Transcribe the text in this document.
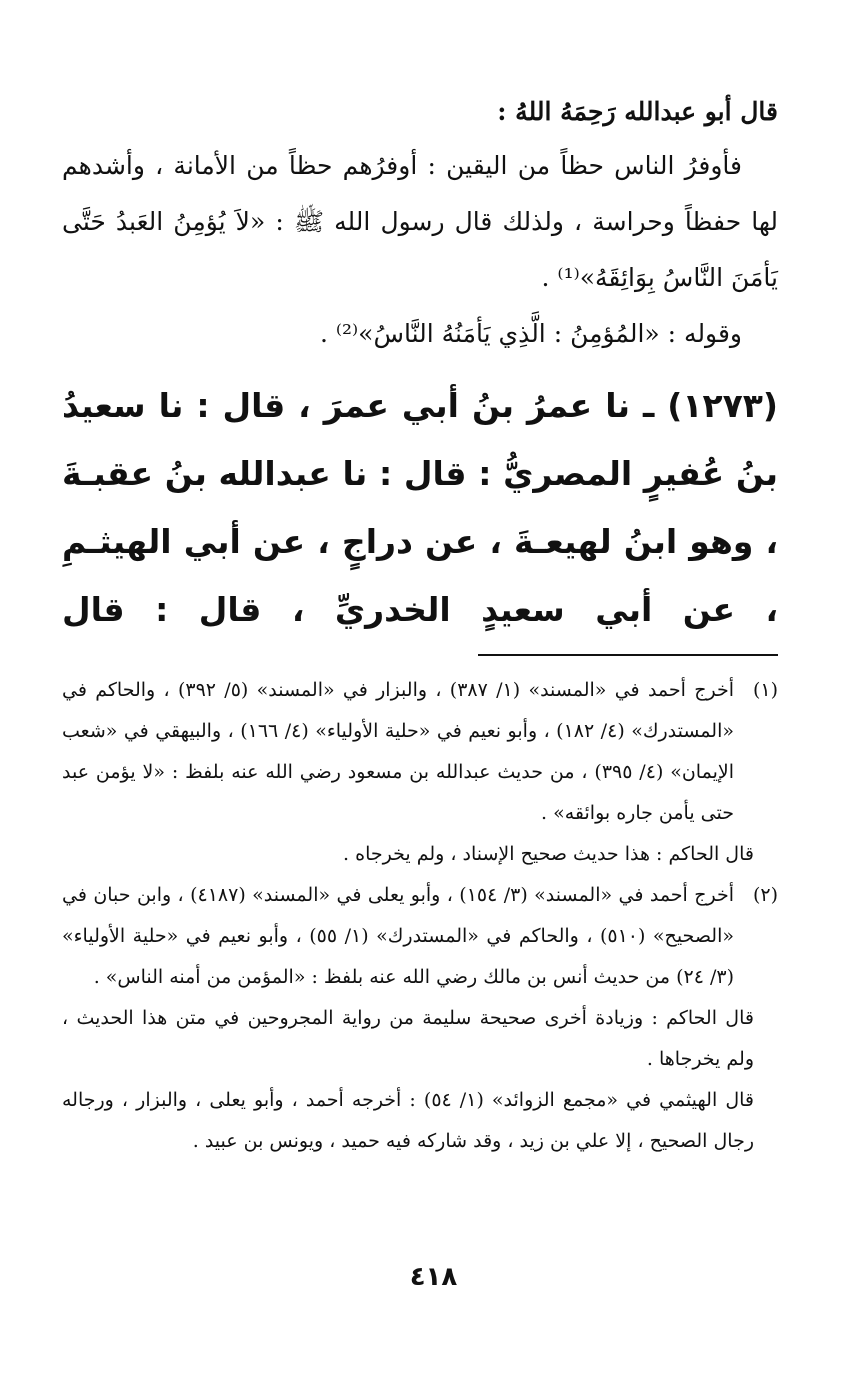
قال أبو عبدالله رَحِمَهُ اللهُ :

فأوفرُ الناس حظاً من اليقين : أوفرُهم حظاً من الأمانة ، وأشدهم لها حفظاً وحراسة ، ولذلك قال رسول الله ﷺ : «لاَ يُؤمِنُ العَبدُ حَتَّى يَأمَنَ النَّاسُ بِوَائِقَهُ»⁽¹⁾ .

وقوله : «المُؤمِنُ : الَّذِي يَأمَنُهُ النَّاسُ»⁽²⁾ .

(١٢٧٣) ـ نا عمرُ بنُ أبي عمرَ ، قال : نا سعيدُ بنُ عُفيرٍ المصريُّ : قال : نا عبدالله بنُ عقبـةَ ، وهو ابنُ لهيعـةَ ، عن دراجٍ ، عن أبي الهيثـمِ ، عن أبي سعيدٍ الخدريِّ ، قال : قال

(١)
أخرج أحمد في «المسند» (١/ ٣٨٧) ، والبزار في «المسند» (٥/ ٣٩٢) ، والحاكم في «المستدرك» (٤/ ١٨٢) ، وأبو نعيم في «حلية الأولياء» (٤/ ١٦٦) ، والبيهقي في «شعب الإيمان» (٤/ ٣٩٥) ، من حديث عبدالله بن مسعود رضي الله عنه بلفظ : «لا يؤمن عبد حتى يأمن جاره بوائقه» .

قال الحاكم : هذا حديث صحيح الإسناد ، ولم يخرجاه .

(٢)
أخرج أحمد في «المسند» (٣/ ١٥٤) ، وأبو يعلى في «المسند» (٤١٨٧) ، وابن حبان في «الصحيح» (٥١٠) ، والحاكم في «المستدرك» (١/ ٥٥) ، وأبو نعيم في «حلية الأولياء» (٣/ ٢٤) من حديث أنس بن مالك رضي الله عنه بلفظ : «المؤمن من أمنه الناس» .

قال الحاكم : وزيادة أخرى صحيحة سليمة من رواية المجروحين في متن هذا الحديث ، ولم يخرجاها .

قال الهيثمي في «مجمع الزوائد» (١/ ٥٤) : أخرجه أحمد ، وأبو يعلى ، والبزار ، ورجاله رجال الصحيح ، إلا علي بن زيد ، وقد شاركه فيه حميد ، ويونس بن عبيد .

٤١٨
